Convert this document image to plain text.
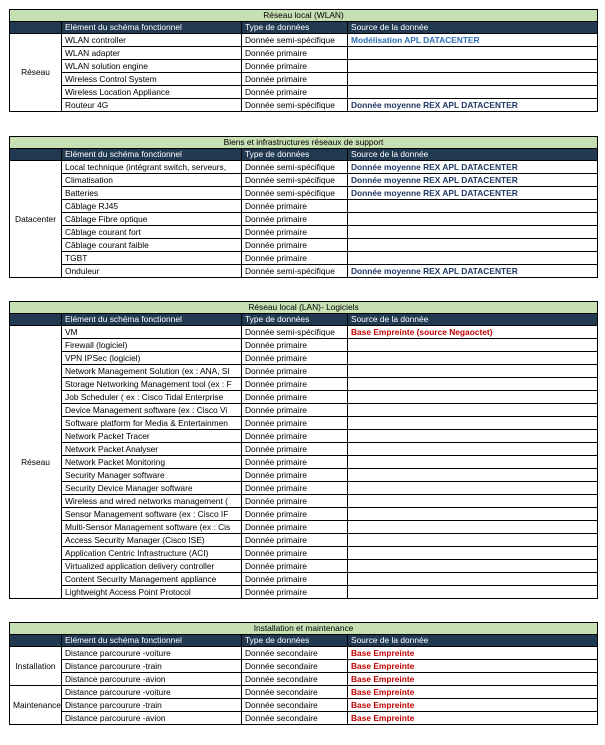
Réseau local (WLAN)			
	Elément du schéma fonctionnel	Type de données	Source de la donnée
Réseau	WLAN controller	Donnée semi-spécifique	Modélisation APL DATACENTER
	WLAN adapter	Donnée primaire	
	WLAN solution engine	Donnée primaire	
	Wireless Control System	Donnée primaire	
	Wireless Location Appliance	Donnée primaire	
	Routeur 4G	Donnée semi-spécifique	Donnée moyenne REX APL DATACENTER
Biens et infrastructures réseaux de support			
	Elément du schéma fonctionnel	Type de données	Source de la donnée
Datacenter	Local technique (intégrant switch, serveurs,	Donnée semi-spécifique	Donnée moyenne REX APL DATACENTER
	Climatisation	Donnée semi-spécifique	Donnée moyenne REX APL DATACENTER
	Batteries	Donnée semi-spécifique	Donnée moyenne REX APL DATACENTER
	Câblage RJ45	Donnée primaire	
	Câblage Fibre optique	Donnée primaire	
	Câblage courant fort	Donnée primaire	
	Câblage courant faible	Donnée primaire	
	TGBT	Donnée primaire	
	Onduleur	Donnée semi-spécifique	Donnée moyenne REX APL DATACENTER
Réseau local (LAN)- Logiciels			
	Elément du schéma fonctionnel	Type de données	Source de la donnée
Réseau	VM	Donnée semi-spécifique	Base Empreinte (source Negaoctet)
	Firewall (logiciel)	Donnée primaire	
	VPN IPSec (logiciel)	Donnée primaire	
	Network Management Solution (ex : ANA, Sl	Donnée primaire	
	Storage Networking Management tool (ex : F	Donnée primaire	
	Job Scheduler ( ex : Cisco Tidal Enterprise	Donnée primaire	
	Device Management software (ex : Cisco Vi	Donnée primaire	
	Software platform for Media & Entertainmen	Donnée primaire	
	Network Packet Tracer	Donnée primaire	
	Network Packet Analyser	Donnée primaire	
	Network Packet Monitoring	Donnée primaire	
	Security Manager software	Donnée primaire	
	Security Device Manager software	Donnée primaire	
	Wireless and wired networks management (	Donnée primaire	
	Sensor Management software (ex : Cisco IF	Donnée primaire	
	Multi-Sensor Management software (ex : Cis	Donnée primaire	
	Access Security Manager (Cisco ISE)	Donnée primaire	
	Application Centric Infrastructure (ACI)	Donnée primaire	
	Virtualized application delivery controller	Donnée primaire	
	Content Security Management appliance	Donnée primaire	
	Lightweight Access Point Protocol	Donnée primaire	
Installation et maintenance			
	Elément du schéma fonctionnel	Type de données	Source de la donnée
Installation	Distance parcourure -voiture	Donnée secondaire	Base Empreinte
	Distance parcourure -train	Donnée secondaire	Base Empreinte
	Distance parcourure -avion	Donnée secondaire	Base Empreinte
Maintenance	Distance parcourure -voiture	Donnée secondaire	Base Empreinte
	Distance parcourure -train	Donnée secondaire	Base Empreinte
	Distance parcourure -avion	Donnée secondaire	Base Empreinte
